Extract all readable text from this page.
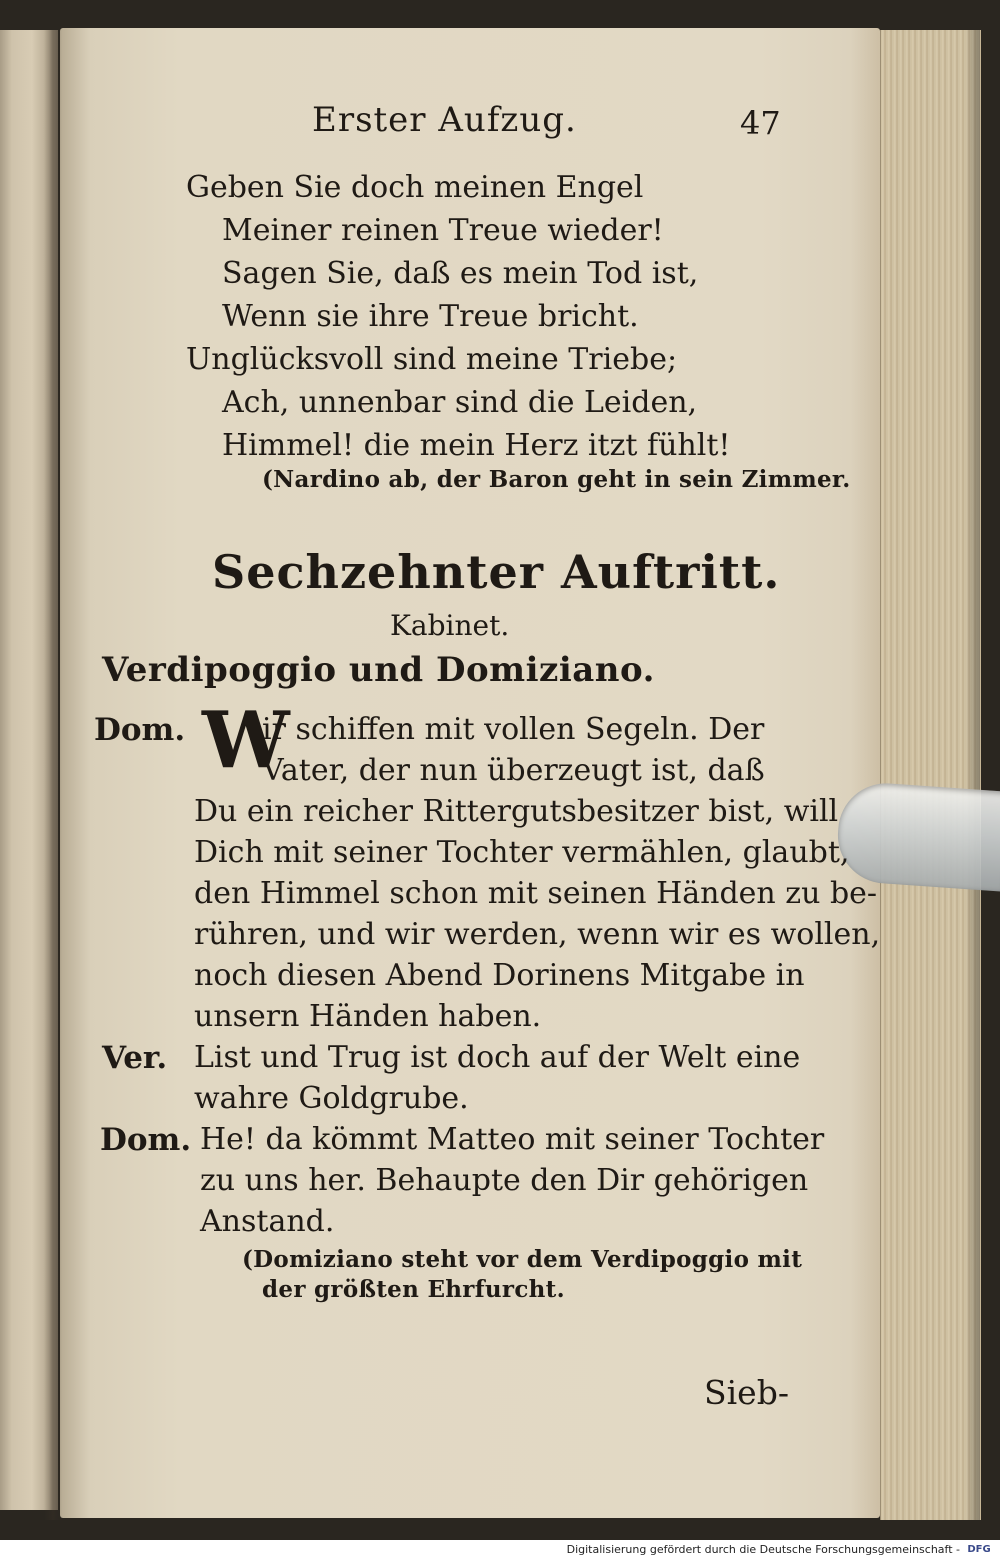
Erster Aufzug.	47
Geben Sie doch meinen Engel
Meiner reinen Treue wieder!
Sagen Sie, daß es mein Tod ist,
Wenn sie ihre Treue bricht.
Unglücksvoll sind meine Triebe;
Ach, unnenbar sind die Leiden,
Himmel! die mein Herz itzt fühlt!
(Nardino ab, der Baron geht in sein Zimmer.
Sechzehnter Auftritt.
Kabinet.
Verdipoggio und Domiziano.
Dom. W
ir schiffen mit vollen Segeln. Der
Vater, der nun überzeugt ist, daß
Du ein reicher Rittergutsbesitzer bist, will
Dich mit seiner Tochter vermählen, glaubt,
den Himmel schon mit seinen Händen zu be-
rühren, und wir werden, wenn wir es wollen,
noch diesen Abend Dorinens Mitgabe in
unsern Händen haben.
Ver. List und Trug ist doch auf der Welt eine
wahre Goldgrube.
Dom. He! da kömmt Matteo mit seiner Tochter
zu uns her. Behaupte den Dir gehörigen
Anstand.
(Domiziano steht vor dem Verdipoggio mit
der größten Ehrfurcht.
Sieb-
Digitalisierung gefördert durch die Deutsche Forschungsgemeinschaft - DFG
